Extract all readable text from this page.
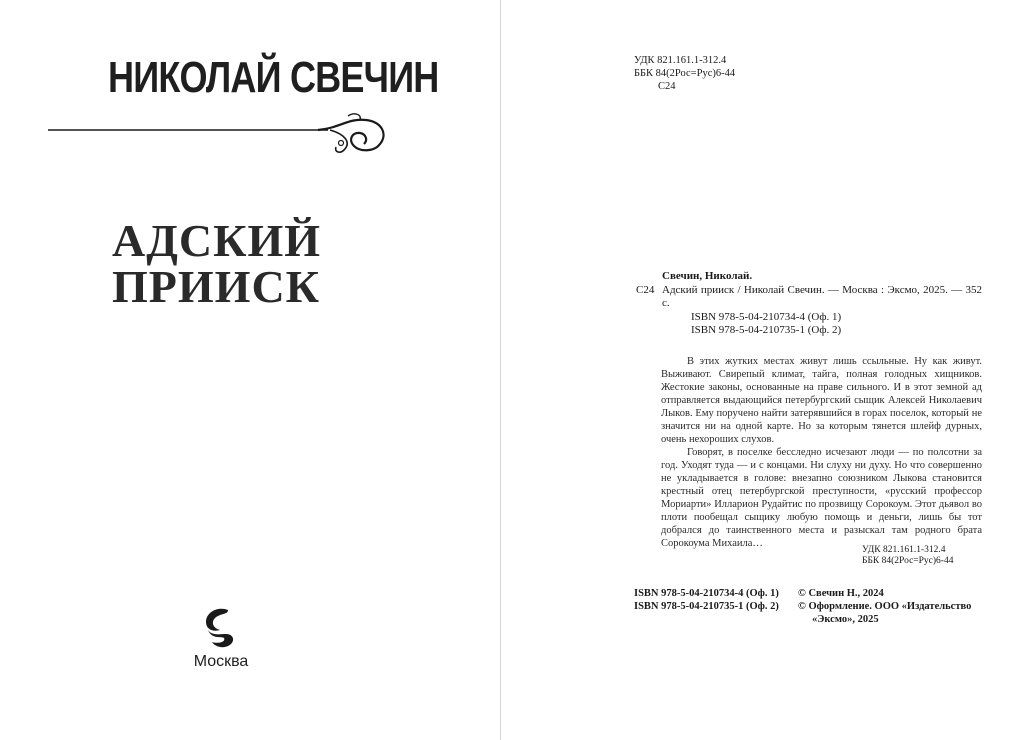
НИКОЛАЙ СВЕЧИН
АДСКИЙ
ПРИИСК
Москва
УДК 821.161.1-312.4
ББК 84(2Рос=Рус)6-44
С24
Свечин, Николай.
С24 Адский прииск / Николай Свечин. — Москва : Эксмо, 2025. — 352 с.
ISBN 978-5-04-210734-4 (Оф. 1)
ISBN 978-5-04-210735-1 (Оф. 2)

В этих жутких местах живут лишь ссыльные. Ну как живут. Выживают. Свирепый климат, тайга, полная голодных хищников. Жестокие законы, основанные на праве сильного. И в этот земной ад отправляется выдающийся петербургский сыщик Алексей Николаевич Лыков. Ему поручено найти затерявшийся в горах поселок, который не значится ни на одной карте. Но за которым тянется шлейф дурных, очень нехороших слухов.

Говорят, в поселке бесследно исчезают люди — по полсотни за год. Уходят туда — и с концами. Ни слуху ни духу. Но что совершенно не укладывается в голове: внезапно союзником Лыкова становится крестный отец петербургской преступности, «русский профессор Мориарти» Илларион Рудайтис по прозвищу Сорокоум. Этот дьявол во плоти пообещал сыщику любую помощь и деньги, лишь бы тот добрался до таинственного места и разыскал там родного брата Сорокоума Михаила…

УДК 821.161.1-312.4
ББК 84(2Рос=Рус)6-44
ISBN 978-5-04-210734-4 (Оф. 1)
ISBN 978-5-04-210735-1 (Оф. 2)
© Свечин Н., 2024
© Оформление. ООО «Издательство
«Эксмо», 2025
